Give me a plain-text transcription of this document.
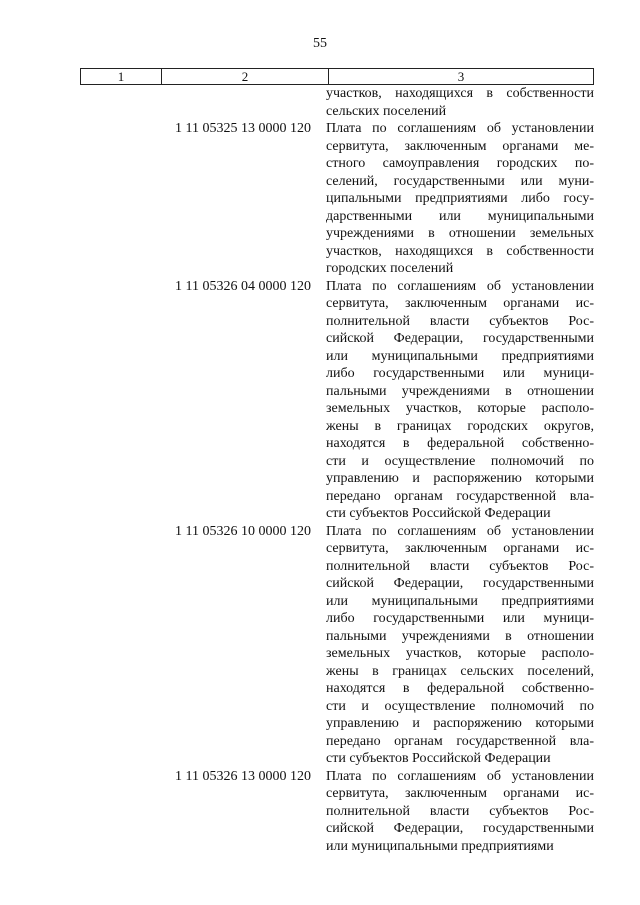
55
1	2	3
участков, находящихся в собственности
сельских поселений
1 11 05325 13 0000 120	Плата по соглашениям об установлении
сервитута, заключенным органами ме-
стного самоуправления городских по-
селений, государственными или муни-
ципальными предприятиями либо госу-
дарственными или муниципальными
учреждениями в отношении земельных
участков, находящихся в собственности
городских поселений
1 11 05326 04 0000 120	Плата по соглашениям об установлении
сервитута, заключенным органами ис-
полнительной власти субъектов Рос-
сийской Федерации, государственными
или муниципальными предприятиями
либо государственными или муници-
пальными учреждениями в отношении
земельных участков, которые располо-
жены в границах городских округов,
находятся в федеральной собственно-
сти и осуществление полномочий по
управлению и распоряжению которыми
передано органам государственной вла-
сти субъектов Российской Федерации
1 11 05326 10 0000 120	Плата по соглашениям об установлении
сервитута, заключенным органами ис-
полнительной власти субъектов Рос-
сийской Федерации, государственными
или муниципальными предприятиями
либо государственными или муници-
пальными учреждениями в отношении
земельных участков, которые располо-
жены в границах сельских поселений,
находятся в федеральной собственно-
сти и осуществление полномочий по
управлению и распоряжению которыми
передано органам государственной вла-
сти субъектов Российской Федерации
1 11 05326 13 0000 120	Плата по соглашениям об установлении
сервитута, заключенным органами ис-
полнительной власти субъектов Рос-
сийской Федерации, государственными
или муниципальными предприятиями
